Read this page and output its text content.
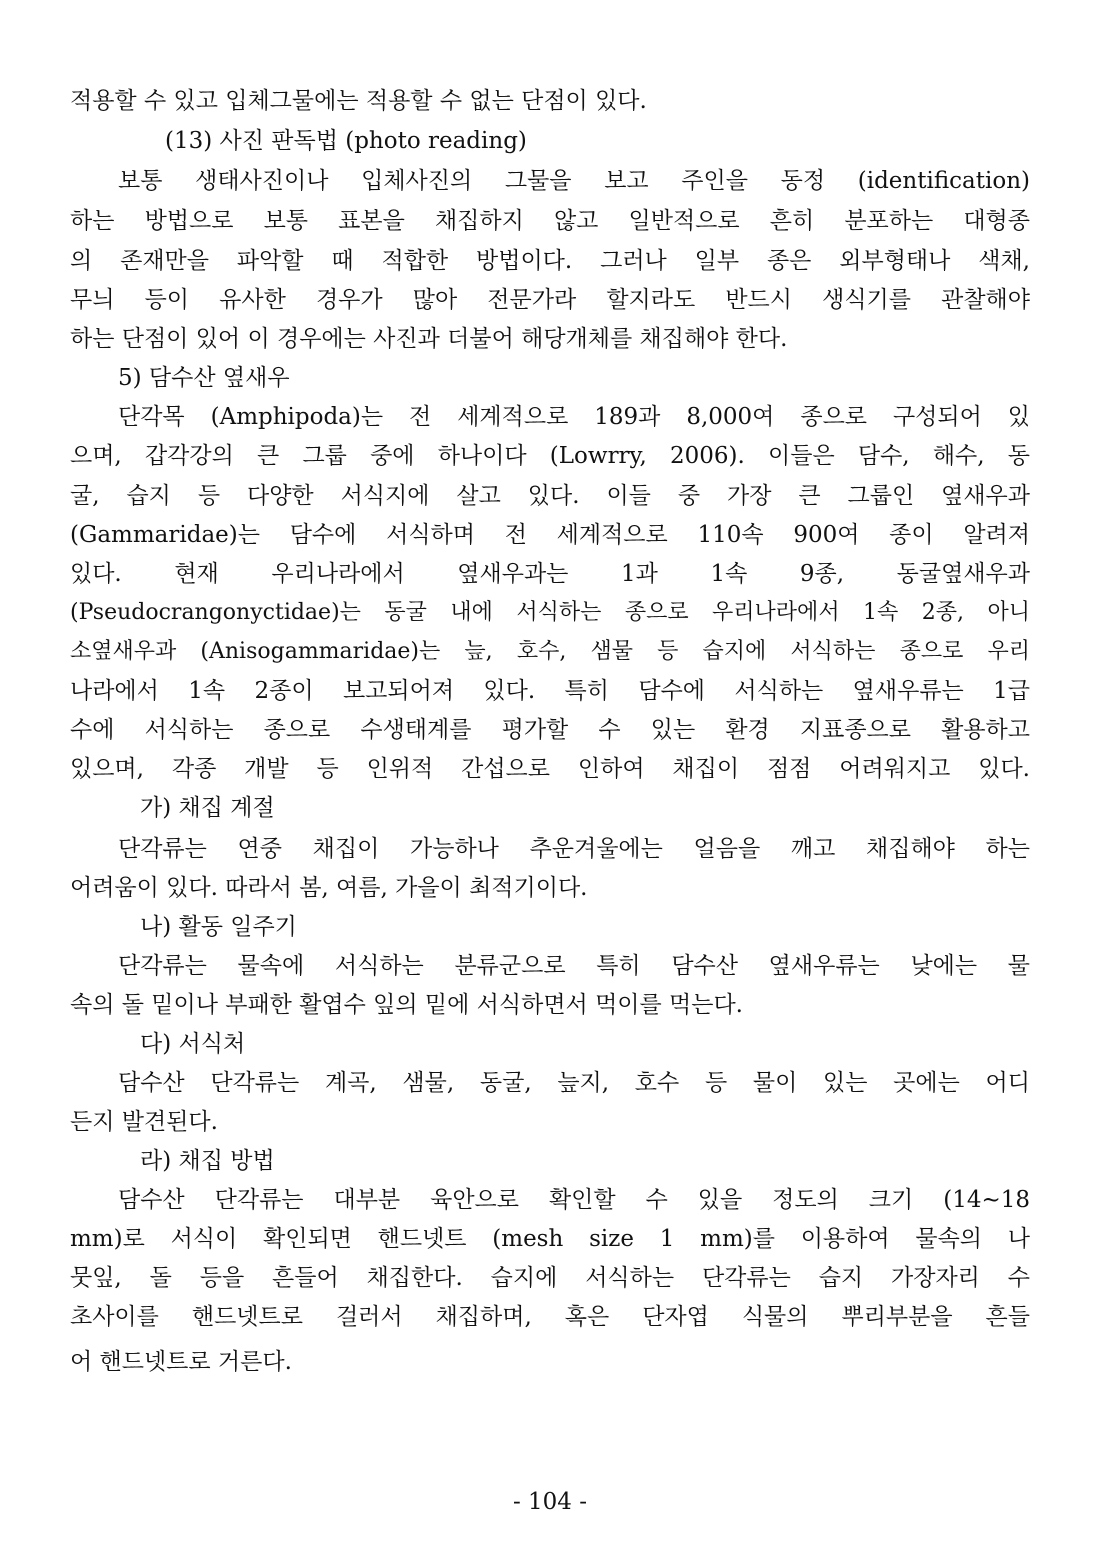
적용할 수 있고 입체그물에는 적용할 수 없는 단점이 있다.
(13) 사진 판독법 (photo reading)
보통 생태사진이나 입체사진의 그물을 보고 주인을 동정 (identification)
하는 방법으로 보통 표본을 채집하지 않고 일반적으로 흔히 분포하는 대형종
의 존재만을 파악할 때 적합한 방법이다. 그러나 일부 종은 외부형태나 색채,
무늬 등이 유사한 경우가 많아 전문가라 할지라도 반드시 생식기를 관찰해야
하는 단점이 있어 이 경우에는 사진과 더불어 해당개체를 채집해야 한다.
5) 담수산 옆새우
단각목 (Amphipoda)는 전 세계적으로 189과 8,000여 종으로 구성되어 있
으며, 갑각강의 큰 그룹 중에 하나이다 (Lowrry, 2006). 이들은 담수, 해수, 동
굴, 습지 등 다양한 서식지에 살고 있다. 이들 중 가장 큰 그룹인 옆새우과
(Gammaridae)는 담수에 서식하며 전 세계적으로 110속 900여 종이 알려져
있다. 현재 우리나라에서 옆새우과는 1과 1속 9종, 동굴옆새우과
(Pseudocrangonyctidae)는 동굴 내에 서식하는 종으로 우리나라에서 1속 2종, 아니
소옆새우과 (Anisogammaridae)는 늪, 호수, 샘물 등 습지에 서식하는 종으로 우리
나라에서 1속 2종이 보고되어져 있다. 특히 담수에 서식하는 옆새우류는 1급
수에 서식하는 종으로 수생태계를 평가할 수 있는 환경 지표종으로 활용하고
있으며, 각종 개발 등 인위적 간섭으로 인하여 채집이 점점 어려워지고 있다.
가) 채집 계절
단각류는 연중 채집이 가능하나 추운겨울에는 얼음을 깨고 채집해야 하는
어려움이 있다. 따라서 봄, 여름, 가을이 최적기이다.
나) 활동 일주기
단각류는 물속에 서식하는 분류군으로 특히 담수산 옆새우류는 낮에는 물
속의 돌 밑이나 부패한 활엽수 잎의 밑에 서식하면서 먹이를 먹는다.
다) 서식처
담수산 단각류는 계곡, 샘물, 동굴, 늪지, 호수 등 물이 있는 곳에는 어디
든지 발견된다.
라) 채집 방법
담수산 단각류는 대부분 육안으로 확인할 수 있을 정도의 크기 (14∼18
mm)로 서식이 확인되면 핸드넷트 (mesh size 1 mm)를 이용하여 물속의 나
뭇잎, 돌 등을 흔들어 채집한다. 습지에 서식하는 단각류는 습지 가장자리 수
초사이를 핸드넷트로 걸러서 채집하며, 혹은 단자엽 식물의 뿌리부분을 흔들
어 핸드넷트로 거른다.
- 104 -
